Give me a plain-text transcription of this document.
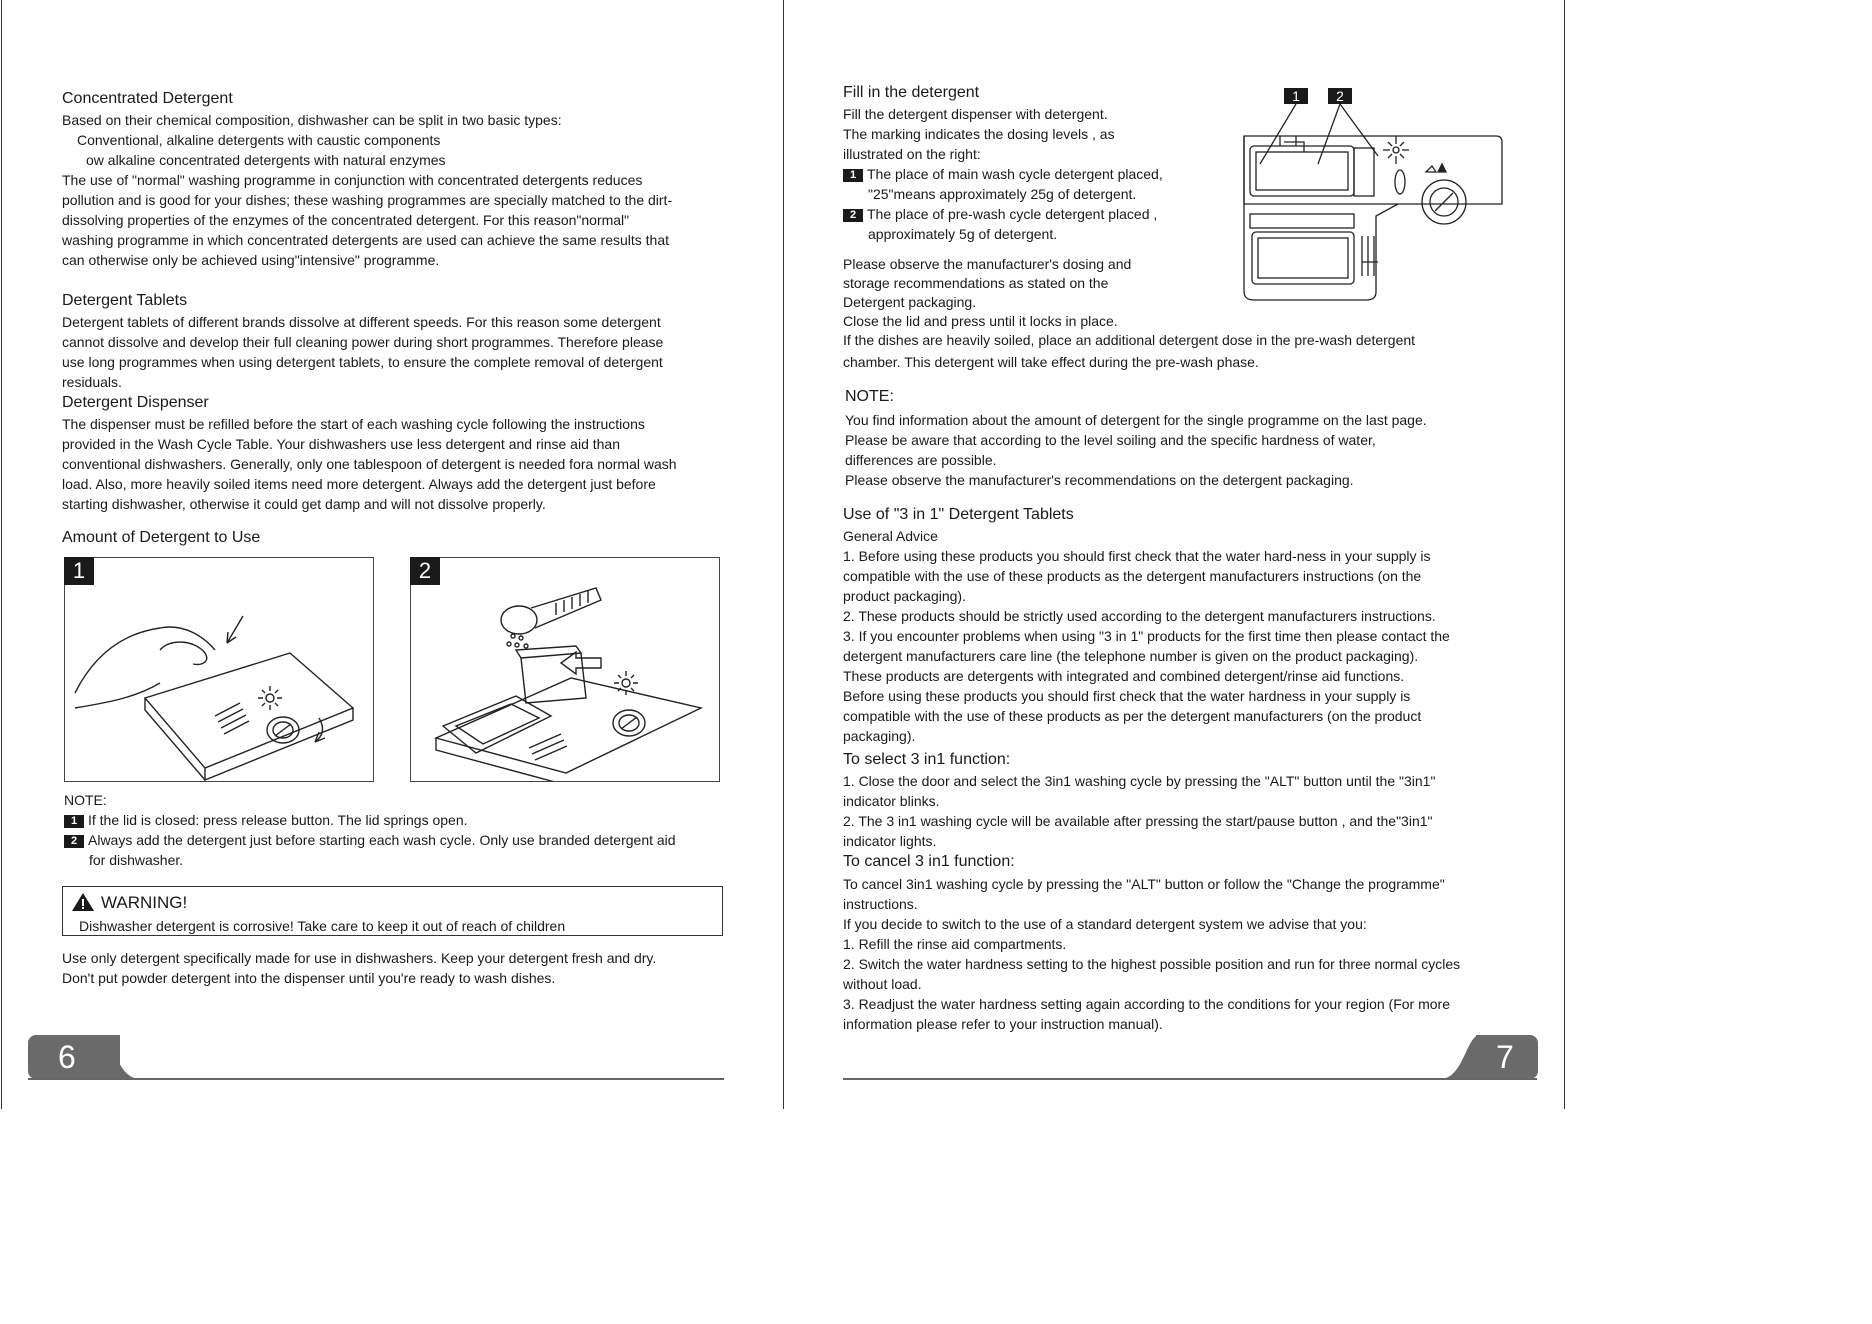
Concentrated Detergent

Based on their chemical composition, dishwasher can be split in two basic types:

Conventional, alkaline detergents with caustic components

ow alkaline concentrated detergents with natural enzymes

The use of "normal" washing programme in conjunction with concentrated detergents reduces

pollution and is good for your dishes; these washing programmes are specially matched to the dirt-

dissolving properties of the enzymes of the concentrated detergent. For this reason"normal"

washing programme in which concentrated detergents are used can achieve the same results that

can otherwise only be achieved using"intensive" programme.

Detergent Tablets

Detergent tablets of different brands dissolve at different speeds. For this reason some detergent

cannot dissolve and develop their full cleaning power during short programmes. Therefore please

use long programmes when using detergent tablets, to ensure the complete removal of detergent

residuals.

Detergent Dispenser

The dispenser must be refilled before the start of each washing cycle following the instructions

provided in the Wash Cycle Table. Your dishwashers use less detergent and rinse aid than

conventional dishwashers. Generally, only one tablespoon of detergent is needed fora normal wash

load. Also, more heavily soiled items need more detergent. Always add the detergent just before

starting dishwasher, otherwise it could get damp and will not dissolve properly.

Amount of Detergent to Use

1	2

NOTE:

1 If the lid is closed: press release button. The lid springs open.

2 Always add the detergent just before starting each wash cycle. Only use branded detergent aid

for dishwasher.

WARNING!

Dishwasher detergent is corrosive! Take care to keep it out of reach of children

Use only detergent specifically made for use in dishwashers. Keep your detergent fresh and dry.

Don't put powder detergent into the dispenser until you're ready to wash dishes.

6

Fill in the detergent

Fill the detergent dispenser with detergent.

The marking indicates the dosing levels , as

illustrated on the right:

1 The place of main wash cycle detergent placed,

"25"means approximately 25g of detergent.

2 The place of pre-wash cycle detergent placed ,

approximately 5g of detergent.

Please observe the manufacturer's dosing and

storage recommendations as stated on the

Detergent packaging.

Close the lid and press until it locks in place.

If the dishes are heavily soiled, place an additional detergent dose in the pre-wash detergent

chamber. This detergent will take effect during the pre-wash phase.

1	2

NOTE:

You find information about the amount of detergent for the single programme on the last page.

Please be aware that according to the level soiling and the specific hardness of water,

differences are possible.

Please observe the manufacturer's recommendations on the detergent packaging.

Use of "3 in 1" Detergent Tablets

General Advice

1. Before using these products you should first check that the water hard-ness in your supply is

compatible with the use of these products as the detergent manufacturers instructions (on the

product packaging).

2. These products should be strictly used according to the detergent manufacturers instructions.

3. If you encounter problems when using "3 in 1" products for the first time then please contact the

detergent manufacturers care line (the telephone number is given on the product packaging).

These products are detergents with integrated and combined detergent/rinse aid functions.

Before using these products you should first check that the water hardness in your supply is

compatible with the use of these products as per the detergent manufacturers (on the product

packaging).

To select 3 in1 function:

1. Close the door and select the 3in1 washing cycle by pressing the "ALT" button until the "3in1"

indicator blinks.

2. The 3 in1 washing cycle will be available after pressing the start/pause button , and the"3in1"

indicator lights.

To cancel 3 in1 function:

To cancel 3in1 washing cycle by pressing the "ALT" button or follow the "Change the programme"

instructions.

If you decide to switch to the use of a standard detergent system we advise that you:

1. Refill the rinse aid compartments.

2. Switch the water hardness setting to the highest possible position and run for three normal cycles

without load.

3. Readjust the water hardness setting again according to the conditions for your region (For more

information please refer to your instruction manual).

7
